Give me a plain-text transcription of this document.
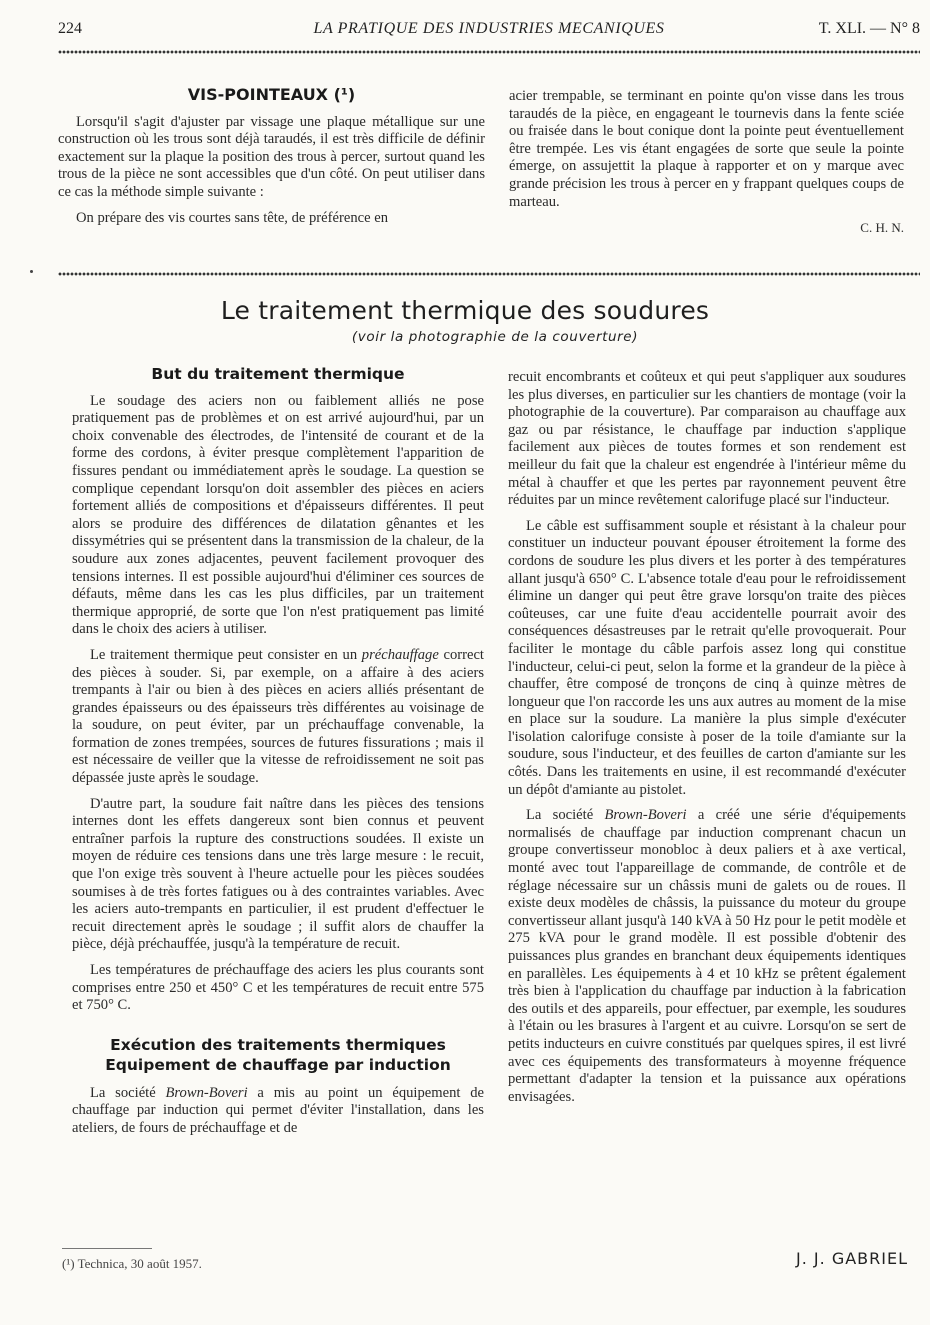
224	LA PRATIQUE DES INDUSTRIES MECANIQUES	T. XLI. — N° 8
VIS-POINTEAUX (¹)

Lorsqu'il s'agit d'ajuster par vissage une plaque métallique sur une construction où les trous sont déjà taraudés, il est très difficile de définir exactement sur la plaque la position des trous à percer, surtout quand les trous de la pièce ne sont accessibles que d'un côté. On peut utiliser dans ce cas la méthode simple suivante :

On prépare des vis courtes sans tête, de préférence en

acier trempable, se terminant en pointe qu'on visse dans les trous taraudés de la pièce, en engageant le tournevis dans la fente sciée ou fraisée dans le bout conique dont la pointe peut éventuellement être trempée. Les vis étant engagées de sorte que seule la pointe émerge, on assujettit la plaque à rapporter et on y marque avec grande précision les trous à percer en y frappant quelques coups de marteau.

C. H. N.
Le traitement thermique des soudures
(voir la photographie de la couverture)
But du traitement thermique

Le soudage des aciers non ou faiblement alliés ne pose pratiquement pas de problèmes et on est arrivé aujourd'hui, par un choix convenable des électrodes, de l'intensité de courant et de la forme des cordons, à éviter presque complètement l'apparition de fissures pendant ou immédiatement après le soudage. La question se complique cependant lorsqu'on doit assembler des pièces en aciers fortement alliés de compositions et d'épaisseurs différentes. Il peut alors se produire des différences de dilatation gênantes et les dissymétries qui se présentent dans la transmission de la chaleur, de la soudure aux zones adjacentes, peuvent facilement provoquer des tensions internes. Il est possible aujourd'hui d'éliminer ces sources de défauts, même dans les cas les plus difficiles, par un traitement thermique approprié, de sorte que l'on n'est pratiquement pas limité dans le choix des aciers à utiliser.

Le traitement thermique peut consister en un préchauffage correct des pièces à souder. Si, par exemple, on a affaire à des aciers trempants à l'air ou bien à des pièces en aciers alliés présentant de grandes épaisseurs ou des épaisseurs très différentes au voisinage de la soudure, on peut éviter, par un préchauffage convenable, la formation de zones trempées, sources de futures fissurations ; mais il est nécessaire de veiller que la vitesse de refroidissement ne soit pas dépassée juste après le soudage.

D'autre part, la soudure fait naître dans les pièces des tensions internes dont les effets dangereux sont bien connus et peuvent entraîner parfois la rupture des constructions soudées. Il existe un moyen de réduire ces tensions dans une très large mesure : le recuit, que l'on exige très souvent à l'heure actuelle pour les pièces soudées soumises à de très fortes fatigues ou à des contraintes variables. Avec les aciers auto-trempants en particulier, il est prudent d'effectuer le recuit directement après le soudage ; il suffit alors de chauffer la pièce, déjà préchauffée, jusqu'à la température de recuit.

Les températures de préchauffage des aciers les plus courants sont comprises entre 250 et 450° C et les températures de recuit entre 575 et 750° C.

Exécution des traitements thermiques
Equipement de chauffage par induction

La société Brown-Boveri a mis au point un équipement de chauffage par induction qui permet d'éviter l'installation, dans les ateliers, de fours de préchauffage et de

recuit encombrants et coûteux et qui peut s'appliquer aux soudures les plus diverses, en particulier sur les chantiers de montage (voir la photographie de la couverture). Par comparaison au chauffage aux gaz ou par résistance, le chauffage par induction s'applique facilement aux pièces de toutes formes et son rendement est meilleur du fait que la chaleur est engendrée à l'intérieur même du métal à chauffer et que les pertes par rayonnement peuvent être réduites par un mince revêtement calorifuge placé sur l'inducteur.

Le câble est suffisamment souple et résistant à la chaleur pour constituer un inducteur pouvant épouser étroitement la forme des cordons de soudure les plus divers et les porter à des températures allant jusqu'à 650° C. L'absence totale d'eau pour le refroidissement élimine un danger qui peut être grave lorsqu'on traite des pièces coûteuses, car une fuite d'eau accidentelle pourrait avoir des conséquences désastreuses par le retrait qu'elle provoquerait. Pour faciliter le montage du câble parfois assez long qui constitue l'inducteur, celui-ci peut, selon la forme et la grandeur de la pièce à chauffer, être composé de tronçons de cinq à quinze mètres de longueur que l'on raccorde les uns aux autres au moment de la mise en place sur la soudure. La manière la plus simple d'exécuter l'isolation calorifuge consiste à poser de la toile d'amiante sur la soudure, sous l'inducteur, et des feuilles de carton d'amiante sur les côtés. Dans les traitements en usine, il est recommandé d'exécuter un dépôt d'amiante au pistolet.

La société Brown-Boveri a créé une série d'équipements normalisés de chauffage par induction comprenant chacun un groupe convertisseur monobloc à deux paliers et à axe vertical, monté avec tout l'appareillage de commande, de contrôle et de réglage nécessaire sur un châssis muni de galets ou de roues. Il existe deux modèles de châssis, la puissance du moteur du groupe convertisseur allant jusqu'à 140 kVA à 50 Hz pour le petit modèle et 275 kVA pour le grand modèle. Il est possible d'obtenir des puissances plus grandes en branchant deux équipements identiques en parallèles. Les équipements à 4 et 10 kHz se prêtent également très bien à l'application du chauffage par induction à la fabrication des outils et des appareils, pour effectuer, par exemple, les soudures à l'étain ou les brasures à l'argent et au cuivre. Lorsqu'on se sert de petits inducteurs en cuivre constitués par quelques spires, il est livré avec ces équipements des transformateurs à moyenne fréquence permettant d'adapter la tension et la puissance aux opérations envisagées.

J. J. GABRIEL
(¹) Technica, 30 août 1957.
